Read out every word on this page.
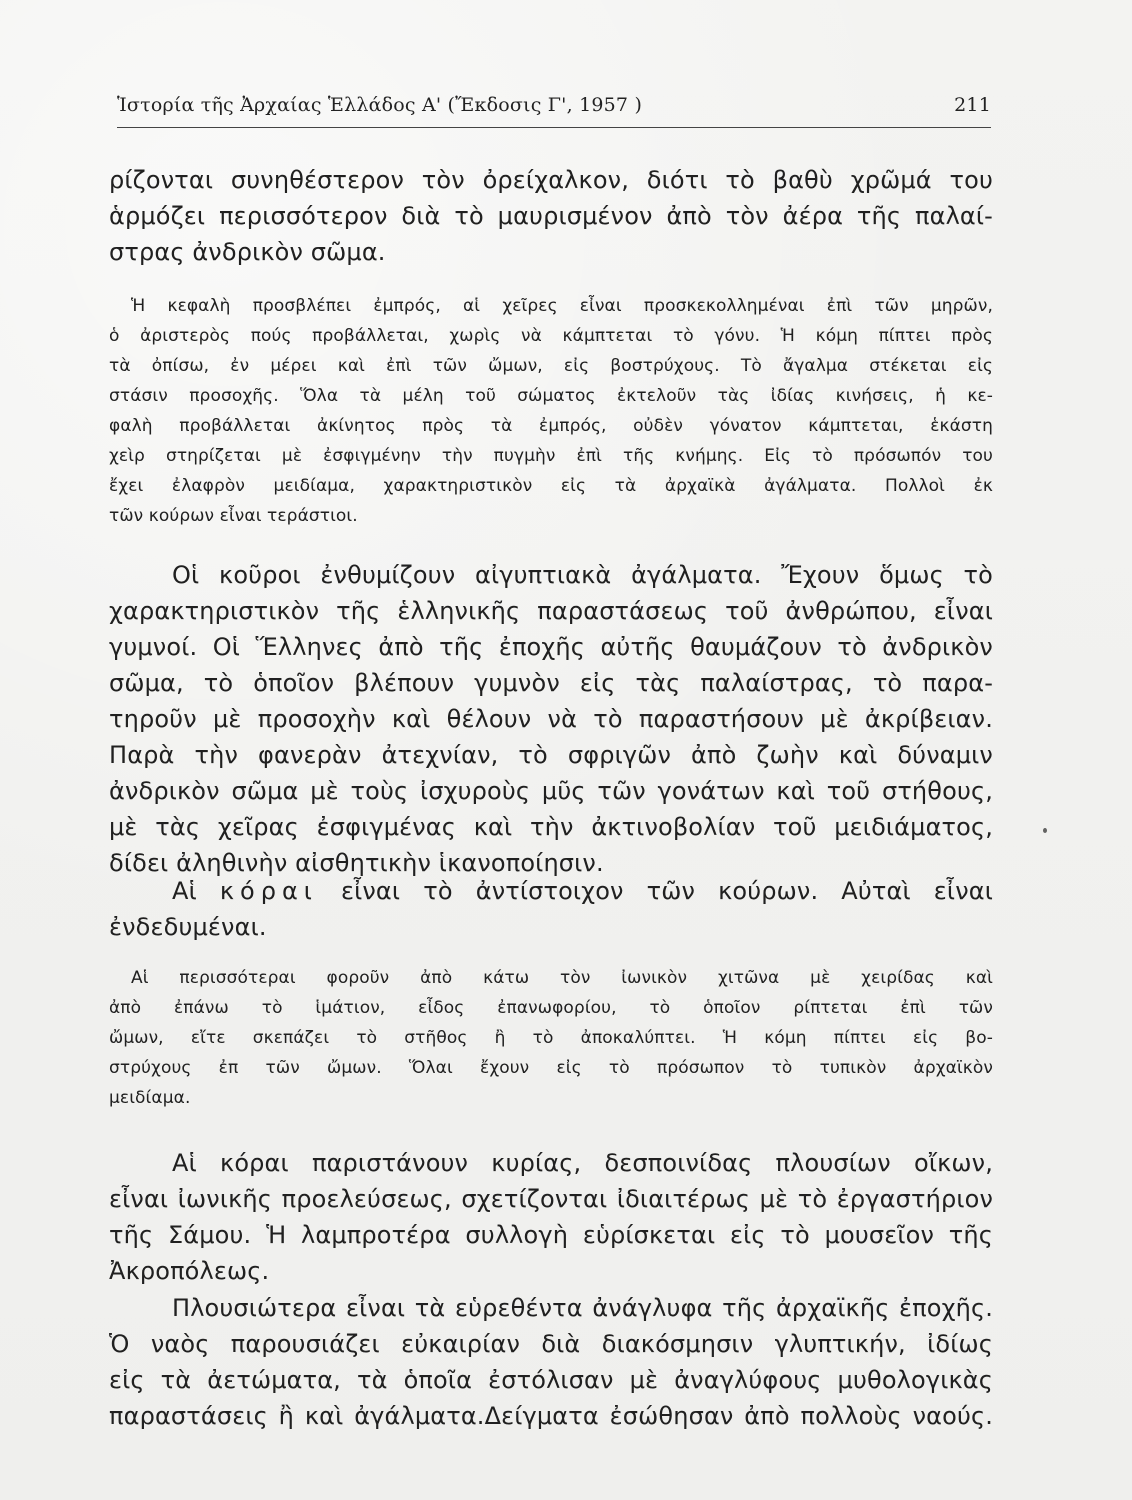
Ἱστορία τῆς Ἀρχαίας Ἑλλάδος Α' (Ἔκδοσις Γ', 1957 )	211

ρίζονται συνηθέστερον τὸν ὀρείχαλκον, διότι τὸ βαθὺ χρῶμά του
ἁρμόζει περισσότερον διὰ τὸ μαυρισμένον ἀπὸ τὸν ἀέρα τῆς παλαί-
στρας ἀνδρικὸν σῶμα.

Ἡ κεφαλὴ προσβλέπει ἐμπρός, αἱ χεῖρες εἶναι προσκεκολλημέναι ἐπὶ τῶν μηρῶν,
ὁ ἀριστερὸς πούς προβάλλεται, χωρὶς νὰ κάμπτεται τὸ γόνυ. Ἡ κόμη πίπτει πρὸς
τὰ ὀπίσω, ἐν μέρει καὶ ἐπὶ τῶν ὤμων, εἰς βοστρύχους. Τὸ ἄγαλμα στέκεται εἰς
στάσιν προσοχῆς. Ὅλα τὰ μέλη τοῦ σώματος ἐκτελοῦν τὰς ἰδίας κινήσεις, ἡ κε-
φαλὴ προβάλλεται ἀκίνητος πρὸς τὰ ἐμπρός, οὐδὲν γόνατον κάμπτεται, ἑκάστη
χεὶρ στηρίζεται μὲ ἐσφιγμένην τὴν πυγμὴν ἐπὶ τῆς κνήμης. Εἰς τὸ πρόσωπόν του
ἔχει ἐλαφρὸν μειδίαμα, χαρακτηριστικὸν εἰς τὰ ἀρχαϊκὰ ἀγάλματα. Πολλοὶ ἐκ
τῶν κούρων εἶναι τεράστιοι.

Οἱ κοῦροι ἐνθυμίζουν αἰγυπτιακὰ ἀγάλματα. Ἔχουν ὅμως τὸ
χαρακτηριστικὸν τῆς ἑλληνικῆς παραστάσεως τοῦ ἀνθρώπου, εἶναι
γυμνοί. Οἱ Ἕλληνες ἀπὸ τῆς ἐποχῆς αὐτῆς θαυμάζουν τὸ ἀνδρικὸν
σῶμα, τὸ ὁποῖον βλέπουν γυμνὸν εἰς τὰς παλαίστρας, τὸ παρα-
τηροῦν μὲ προσοχὴν καὶ θέλουν νὰ τὸ παραστήσουν μὲ ἀκρίβειαν.
Παρὰ τὴν φανερὰν ἀτεχνίαν, τὸ σφριγῶν ἀπὸ ζωὴν καὶ δύναμιν
ἀνδρικὸν σῶμα μὲ τοὺς ἰσχυροὺς μῦς τῶν γονάτων καὶ τοῦ στήθους,
μὲ τὰς χεῖρας ἐσφιγμένας καὶ τὴν ἀκτινοβολίαν τοῦ μειδιάματος,
δίδει ἀληθινὴν αἰσθητικὴν ἱκανοποίησιν.

Αἱ κόραι εἶναι τὸ ἀντίστοιχον τῶν κούρων. Αὐταὶ εἶναι
ἐνδεδυμέναι.

Αἱ περισσότεραι φοροῦν ἀπὸ κάτω τὸν ἰωνικὸν χιτῶνα μὲ χειρίδας καὶ
ἀπὸ ἐπάνω τὸ ἱμάτιον, εἶδος ἐπανωφορίου, τὸ ὁποῖον ρίπτεται ἐπὶ τῶν
ὤμων, εἴτε σκεπάζει τὸ στῆθος ἢ τὸ ἀποκαλύπτει. Ἡ κόμη πίπτει εἰς βο-
στρύχους ἐπ τῶν ὤμων. Ὅλαι ἔχουν εἰς τὸ πρόσωπον τὸ τυπικὸν ἀρχαϊκὸν
μειδίαμα.

Αἱ κόραι παριστάνουν κυρίας, δεσποινίδας πλουσίων οἴκων,
εἶναι ἰωνικῆς προελεύσεως, σχετίζονται ἰδιαιτέρως μὲ τὸ ἐργαστήριον
τῆς Σάμου. Ἡ λαμπροτέρα συλλογὴ εὑρίσκεται εἰς τὸ μουσεῖον τῆς
Ἀκροπόλεως.

Πλουσιώτερα εἶναι τὰ εὑρεθέντα ἀνάγλυφα τῆς ἀρχαϊκῆς ἐποχῆς.
Ὁ ναὸς παρουσιάζει εὐκαιρίαν διὰ διακόσμησιν γλυπτικήν, ἰδίως
εἰς τὰ ἀετώματα, τὰ ὁποῖα ἐστόλισαν μὲ ἀναγλύφους μυθολογικὰς
παραστάσεις ἢ καὶ ἀγάλματα.Δείγματα ἐσώθησαν ἀπὸ πολλοὺς ναούς.
